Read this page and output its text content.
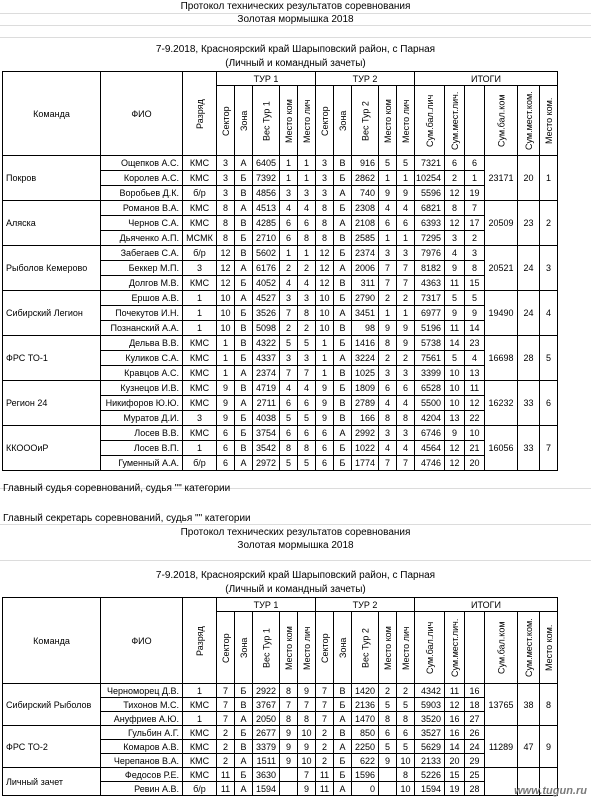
Протокол технических результатов соревнования
Золотая мормышка 2018
7-9.2018, Красноярский край Шарыповский район, с Парная
(Личный и командный зачеты)
Командa	ФИО	Разряд	ТУР 1					ТУР 2					ИТОГИ					
			Сектор	Зона	Вес Тур 1	Место ком	Место лич	Сектор	Зона	Вес Тур 2	Место ком	Место лич	Сум.бал.лич	Сум.мест.лич.		Сум.бал.ком	Сум.мест.ком.	Место ком.
Покров	Ощепков А.С.	КМС	3	А	6405	1	1	3	В	916	5	5	7321	6	6	23171	20	1
	Королев А.С.	КМС	3	Б	7392	1	1	3	Б	2862	1	1	10254	2	1			
	Воробьев Д.К.	б/р	3	В	4856	3	3	3	А	740	9	9	5596	12	19			
Аляска	Романов В.А.	КМС	8	А	4513	4	4	8	Б	2308	4	4	6821	8	7	20509	23	2
	Чернов С.А.	КМС	8	В	4285	6	6	8	А	2108	6	6	6393	12	17			
	Дьяченко А.П.	МСМК	8	Б	2710	6	8	8	В	2585	1	1	7295	3	2			
Рыболов Кемерово	Забегаев С.А.	б/р	12	В	5602	1	1	12	Б	2374	3	3	7976	4	3	20521	24	3
	Беккер М.П.	3	12	А	6176	2	2	12	А	2006	7	7	8182	9	8			
	Долгов М.В.	КМС	12	Б	4052	4	4	12	В	311	7	7	4363	11	15			
Сибирский Легион	Ершов А.В.	1	10	А	4527	3	3	10	Б	2790	2	2	7317	5	5	19490	24	4
	Почекутов И.Н.	1	10	Б	3526	7	8	10	А	3451	1	1	6977	9	9			
	Познанский А.А.	1	10	В	5098	2	2	10	В	98	9	9	5196	11	14			
ФРС ТО-1	Дельва В.В.	КМС	1	В	4322	5	5	1	Б	1416	8	9	5738	14	23	16698	28	5
	Куликов С.А.	КМС	1	Б	4337	3	3	1	А	3224	2	2	7561	5	4			
	Кравцов А.С.	КМС	1	А	2374	7	7	1	В	1025	3	3	3399	10	13			
Регион 24	Кузнецов И.В.	КМС	9	В	4719	4	4	9	Б	1809	6	6	6528	10	11	16232	33	6
	Никифоров Ю.Ю.	КМС	9	А	2711	6	6	9	В	2789	4	4	5500	10	12			
	Муратов Д.И.	3	9	Б	4038	5	5	9	В	166	8	8	4204	13	22			
ККОООиР	Лосев В.В.	КМС	6	Б	3754	6	6	6	А	2992	3	3	6746	9	10	16056	33	7
	Лосев В.П.	1	6	В	3542	8	8	6	Б	1022	4	4	4564	12	21			
	Гуменный А.А.	б/р	6	А	2972	5	5	6	Б	1774	7	7	4746	12	20			
Главный судья соревнований, судья "" категории
Главный секретарь соревнований, судья "" категории
Протокол технических результатов соревнования
Золотая мормышка 2018
7-9.2018, Красноярский край Шарыповский район, с Парная
(Личный и командный зачеты)
Командa	ФИО	Разряд	ТУР 1					ТУР 2					ИТОГИ					
			Сектор	Зона	Вес Тур 1	Место ком	Место лич	Сектор	Зона	Вес Тур 2	Место ком	Место лич	Сум.бал.лич	Сум.мест.лич.		Сум.бал.ком	Сум.мест.ком.	Место ком.
Сибирский Рыболов	Черноморец Д.В.	1	7	Б	2922	8	9	7	В	1420	2	2	4342	11	16	13765	38	8
	Тихонов М.С.	КМС	7	В	3767	7	7	7	Б	2136	5	5	5903	12	18			
	Ануфриев А.Ю.	1	7	А	2050	8	8	7	А	1470	8	8	3520	16	27			
ФРС ТО-2	Гульбин А.Г.	КМС	2	Б	2677	9	10	2	В	850	6	6	3527	16	26	11289	47	9
	Комаров А.В.	КМС	2	В	3379	9	9	2	А	2250	5	5	5629	14	24			
	Черепанов В.А.	КМС	2	А	1511	9	10	2	Б	622	9	10	2133	20	29			
Личный зачет	Федосов Р.Е.	КМС	11	Б	3630		7	11	Б	1596		8	5226	15	25			
	Ревин А.В.	б/р	11	А	1594		9	11	А	0		10	1594	19	28				www.tugun.ru
